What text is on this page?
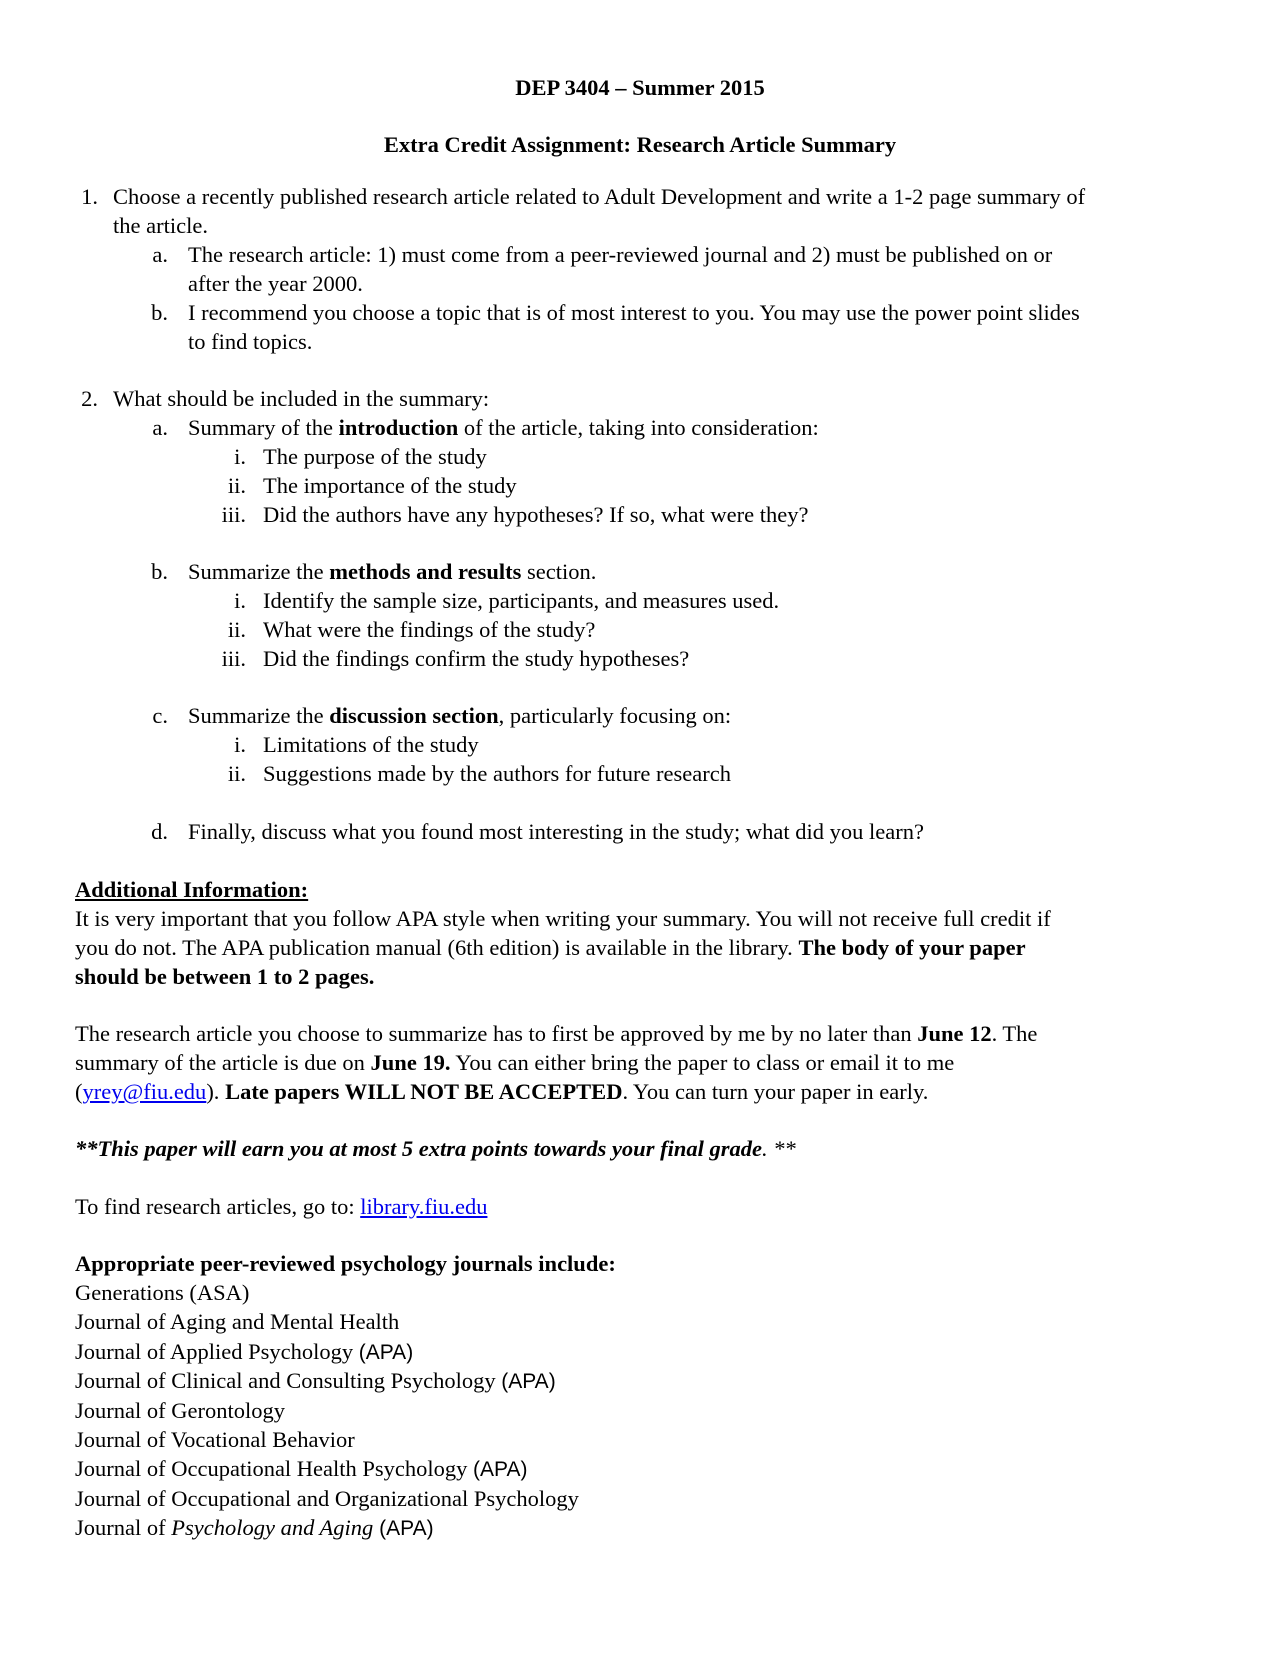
DEP 3404 – Summer 2015

Extra Credit Assignment: Research Article Summary

1. Choose a recently published research article related to Adult Development and write a 1-2 page summary of

the article.

a. The research article: 1) must come from a peer-reviewed journal and 2) must be published on or

after the year 2000.

b. I recommend you choose a topic that is of most interest to you. You may use the power point slides

to find topics.

2. What should be included in the summary:

a. Summary of the introduction of the article, taking into consideration:

i. The purpose of the study

ii. The importance of the study

iii. Did the authors have any hypotheses? If so, what were they?

b. Summarize the methods and results section.

i. Identify the sample size, participants, and measures used.

ii. What were the findings of the study?

iii. Did the findings confirm the study hypotheses?

c. Summarize the discussion section, particularly focusing on:

i. Limitations of the study

ii. Suggestions made by the authors for future research

d. Finally, discuss what you found most interesting in the study; what did you learn?

Additional Information:

It is very important that you follow APA style when writing your summary. You will not receive full credit if

you do not. The APA publication manual (6th edition) is available in the library. The body of your paper

should be between 1 to 2 pages.

The research article you choose to summarize has to first be approved by me by no later than June 12. The

summary of the article is due on June 19. You can either bring the paper to class or email it to me

(yrey@fiu.edu). Late papers WILL NOT BE ACCEPTED. You can turn your paper in early.

**This paper will earn you at most 5 extra points towards your final grade. **

To find research articles, go to: library.fiu.edu

Appropriate peer-reviewed psychology journals include:

Generations (ASA)

Journal of Aging and Mental Health

Journal of Applied Psychology (APA)

Journal of Clinical and Consulting Psychology (APA)

Journal of Gerontology

Journal of Vocational Behavior

Journal of Occupational Health Psychology (APA)

Journal of Occupational and Organizational Psychology

Journal of Psychology and Aging (APA)
